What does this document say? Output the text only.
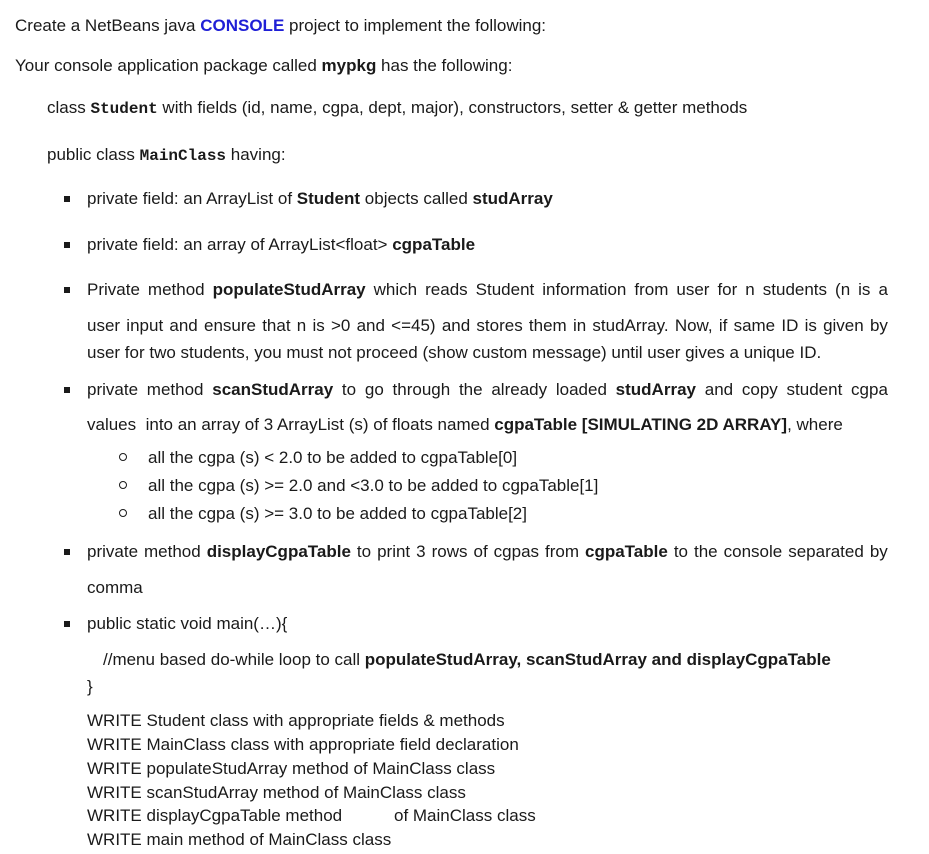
Create a NetBeans java CONSOLE project to implement the following:
Your console application package called mypkg has the following:
class Student with fields (id, name, cgpa, dept, major), constructors, setter & getter methods
public class MainClass having:
private field: an ArrayList of Student objects called studArray
private field: an array of ArrayList<float> cgpaTable
Private method populateStudArray which reads Student information from user for n students (n is a
user input and ensure that n is >0 and <=45) and stores them in studArray. Now, if same ID is given by
user for two students, you must not proceed (show custom message) until user gives a unique ID.
private method scanStudArray to go through the already loaded studArray and copy student cgpa
values  into an array of 3 ArrayList (s) of floats named cgpaTable [SIMULATING 2D ARRAY], where
all the cgpa (s) < 2.0 to be added to cgpaTable[0]
all the cgpa (s) >= 2.0 and <3.0 to be added to cgpaTable[1]
all the cgpa (s) >= 3.0 to be added to cgpaTable[2]
private method displayCgpaTable to print 3 rows of cgpas from cgpaTable to the console separated by
comma
public static void main(…){
//menu based do-while loop to call populateStudArray, scanStudArray and displayCgpaTable
}
WRITE Student class with appropriate fields & methods
WRITE MainClass class with appropriate field declaration
WRITE populateStudArray method of MainClass class
WRITE scanStudArray method of MainClass class
WRITE displayCgpaTable method	of MainClass class
WRITE main method of MainClass class
